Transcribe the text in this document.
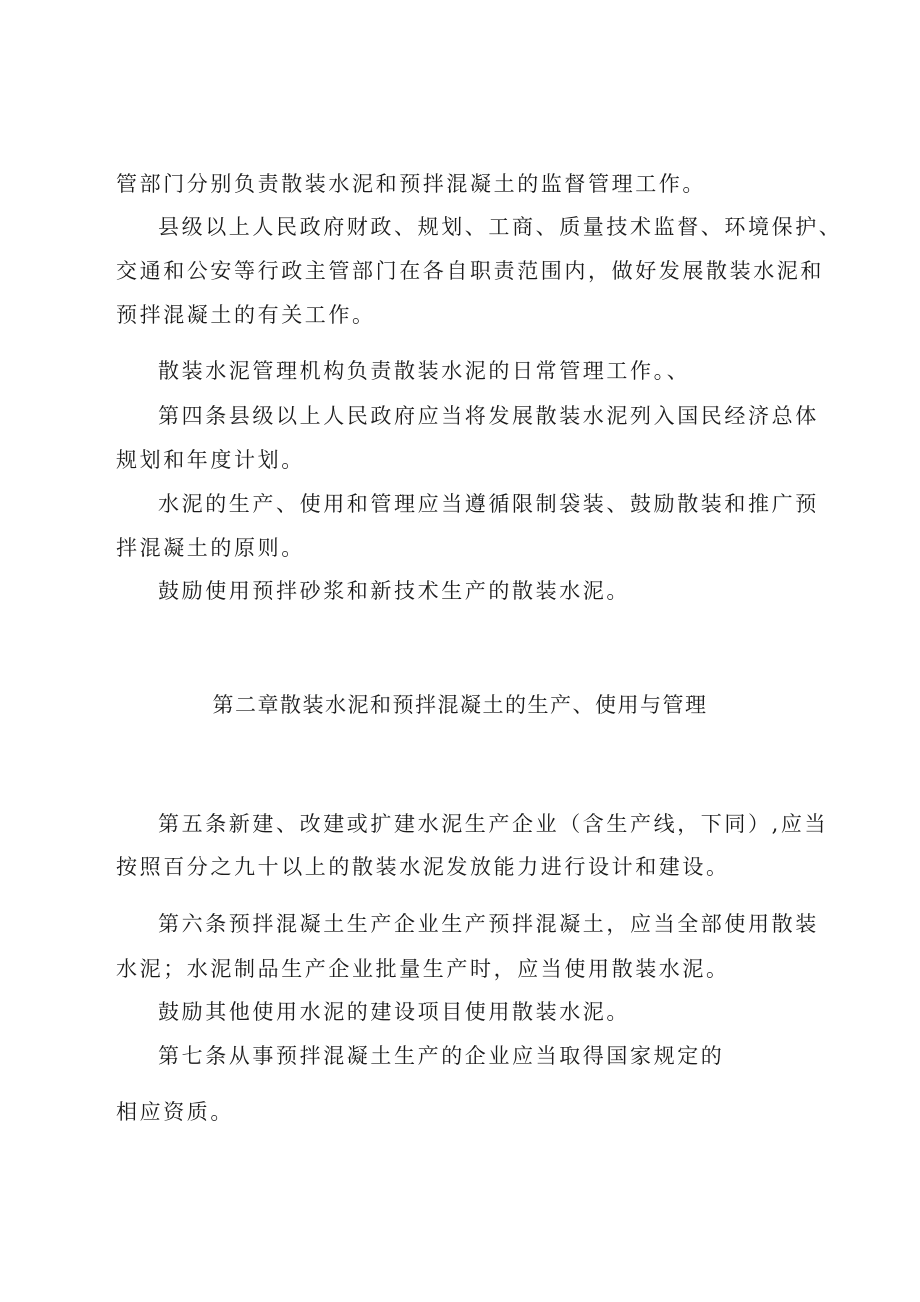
管部门分别负责散装水泥和预拌混凝土的监督管理工作。
县级以上人民政府财政、规划、工商、质量技术监督、环境保护、
交通和公安等行政主管部门在各自职责范围内，做好发展散装水泥和
预拌混凝土的有关工作。
散装水泥管理机构负责散装水泥的日常管理工作。、
第四条县级以上人民政府应当将发展散装水泥列入国民经济总体
规划和年度计划。
水泥的生产、使用和管理应当遵循限制袋装、鼓励散装和推广预
拌混凝土的原则。
鼓励使用预拌砂浆和新技术生产的散装水泥。
第二章散装水泥和预拌混凝土的生产、使用与管理
第五条新建、改建或扩建水泥生产企业（含生产线，下同）,应当
按照百分之九十以上的散装水泥发放能力进行设计和建设。
第六条预拌混凝土生产企业生产预拌混凝土，应当全部使用散装
水泥；水泥制品生产企业批量生产时，应当使用散装水泥。
鼓励其他使用水泥的建设项目使用散装水泥。
第七条从事预拌混凝土生产的企业应当取得国家规定的
相应资质。
